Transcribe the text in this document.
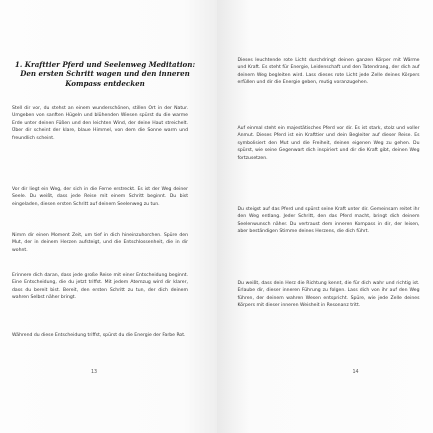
1. Krafttier Pferd und Seelenweg Meditation: Den ersten Schritt wagen und den inneren Kompass entdecken

Stell dir vor, du stehst an einem wunderschönen, stillen Ort in der Natur. Umgeben von sanften Hügeln und blühenden Wiesen spürst du die warme Erde unter deinen Füßen und den leichten Wind, der deine Haut streichelt. Über dir scheint der klare, blaue Himmel, von dem die Sonne warm und freundlich scheint.

Vor dir liegt ein Weg, der sich in die Ferne erstreckt. Es ist der Weg deiner Seele. Du weißt, dass jede Reise mit einem Schritt beginnt. Du bist eingeladen, diesen ersten Schritt auf deinem Seelenweg zu tun.

Nimm dir einen Moment Zeit, um tief in dich hineinzuhorchen. Spüre den Mut, der in deinem Herzen aufsteigt, und die Entschlossenheit, die in dir wohnt.

Erinnere dich daran, dass jede große Reise mit einer Entscheidung beginnt. Eine Entscheidung, die du jetzt triffst. Mit jedem Atemzug wird dir klarer, dass du bereit bist. Bereit, den ersten Schritt zu tun, der dich deinem wahren Selbst näher bringt.

Während du diese Entscheidung triffst, spürst du die Energie der Farbe Rot.

13

Dieses leuchtende rote Licht durchdringt deinen ganzen Körper mit Wärme und Kraft. Es steht für Energie, Leidenschaft und den Tatendrang, der dich auf deinem Weg begleiten wird. Lass dieses rote Licht jede Zelle deines Körpers erfüllen und dir die Energie geben, mutig voranzugehen.

Auf einmal steht ein majestätisches Pferd vor dir. Es ist stark, stolz und voller Anmut. Dieses Pferd ist ein Krafttier und dein Begleiter auf dieser Reise. Es symbolisiert den Mut und die Freiheit, deinen eigenen Weg zu gehen. Du spürst, wie seine Gegenwart dich inspiriert und dir die Kraft gibt, deinen Weg fortzusetzen.

Du steigst auf das Pferd und spürst seine Kraft unter dir. Gemeinsam reitet ihr den Weg entlang. Jeder Schritt, den das Pferd macht, bringt dich deinem Seelenwunsch näher. Du vertraust dem inneren Kompass in dir, der leisen, aber beständigen Stimme deines Herzens, die dich führt.

Du weißt, dass dein Herz die Richtung kennt, die für dich wahr und richtig ist. Erlaube dir, dieser inneren Führung zu folgen. Lass dich von ihr auf den Weg führen, der deinem wahren Wesen entspricht. Spüre, wie jede Zelle deines Körpers mit dieser inneren Weisheit in Resonanz tritt.

14
